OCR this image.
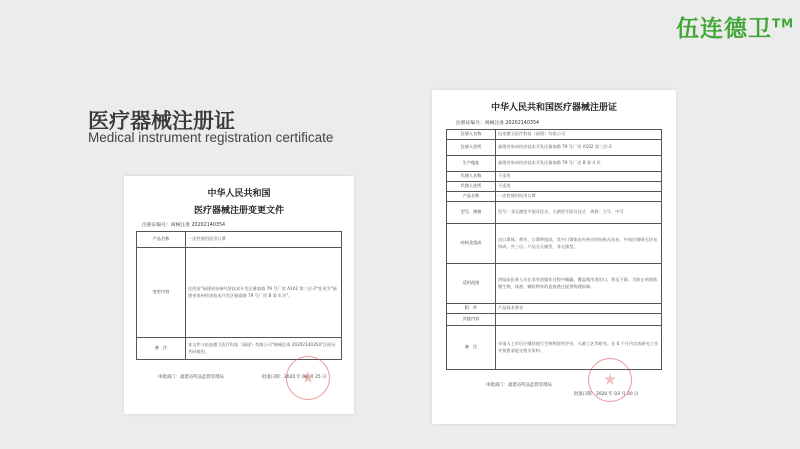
伍连德卫™
医疗器械注册证
Medical instrument registration certificate
中华人民共和国
医疗器械注册变更文件
注册证编号：闽械注准 20202140354
产品名称	一次性使用医用口罩
变更内容	住所由"福建省泉州经济技术开发区雅泰路 79 号厂房 A102 第三层-2"变更为"福建省泉州经济技术开发区雅泰路 79 号厂房 B 第 4 层"。
备　注	本文件与伍连德卫医疗科技（福建）有限公司"闽械注准 20202140354"注册证共同使用。
审批部门：福建省药品监督管理局	批准日期：2020 年 08 月 25 日
中华人民共和国医疗器械注册证
注册证编号：闽械注准 20202140354
注册人名称	伍连德卫医疗科技（福建）有限公司
注册人住所	福建省泉州经济技术开发区雅泰路 79 号厂房 A102 第三层-2
生产地址	福建省泉州经济技术开发区雅泰路 79 号厂房 B 第 4 层
代理人名称	不适用
代理人住所	不适用
产品名称	一次性使用医用口罩
型号、规格	型号：非无菌型平面耳挂式、无菌型平面耳挂式　规格：大号、中号
结构及组成	由口罩体、鼻夹、口罩带组成。其中口罩体由内外层的纺粘无纺布、中间层熔喷无纺布构成。共三层。产品分无菌型、非无菌型。
适用范围	供临床医务人员在非有创操作过程中佩戴，覆盖使用者的口、鼻及下颌，为防止病原体微生物、体液、颗粒物等的直接透过提供物理屏障。
附　件	产品技术要求
其他内容	
备　注	申请人上市后应继续进行生物相容性评价，灭菌工艺等研究。在 6 个月内完成研究工作并按要求提交相关资料。
审批部门：福建省药品监督管理局
批准日期：2020 年 03 月 20 日
